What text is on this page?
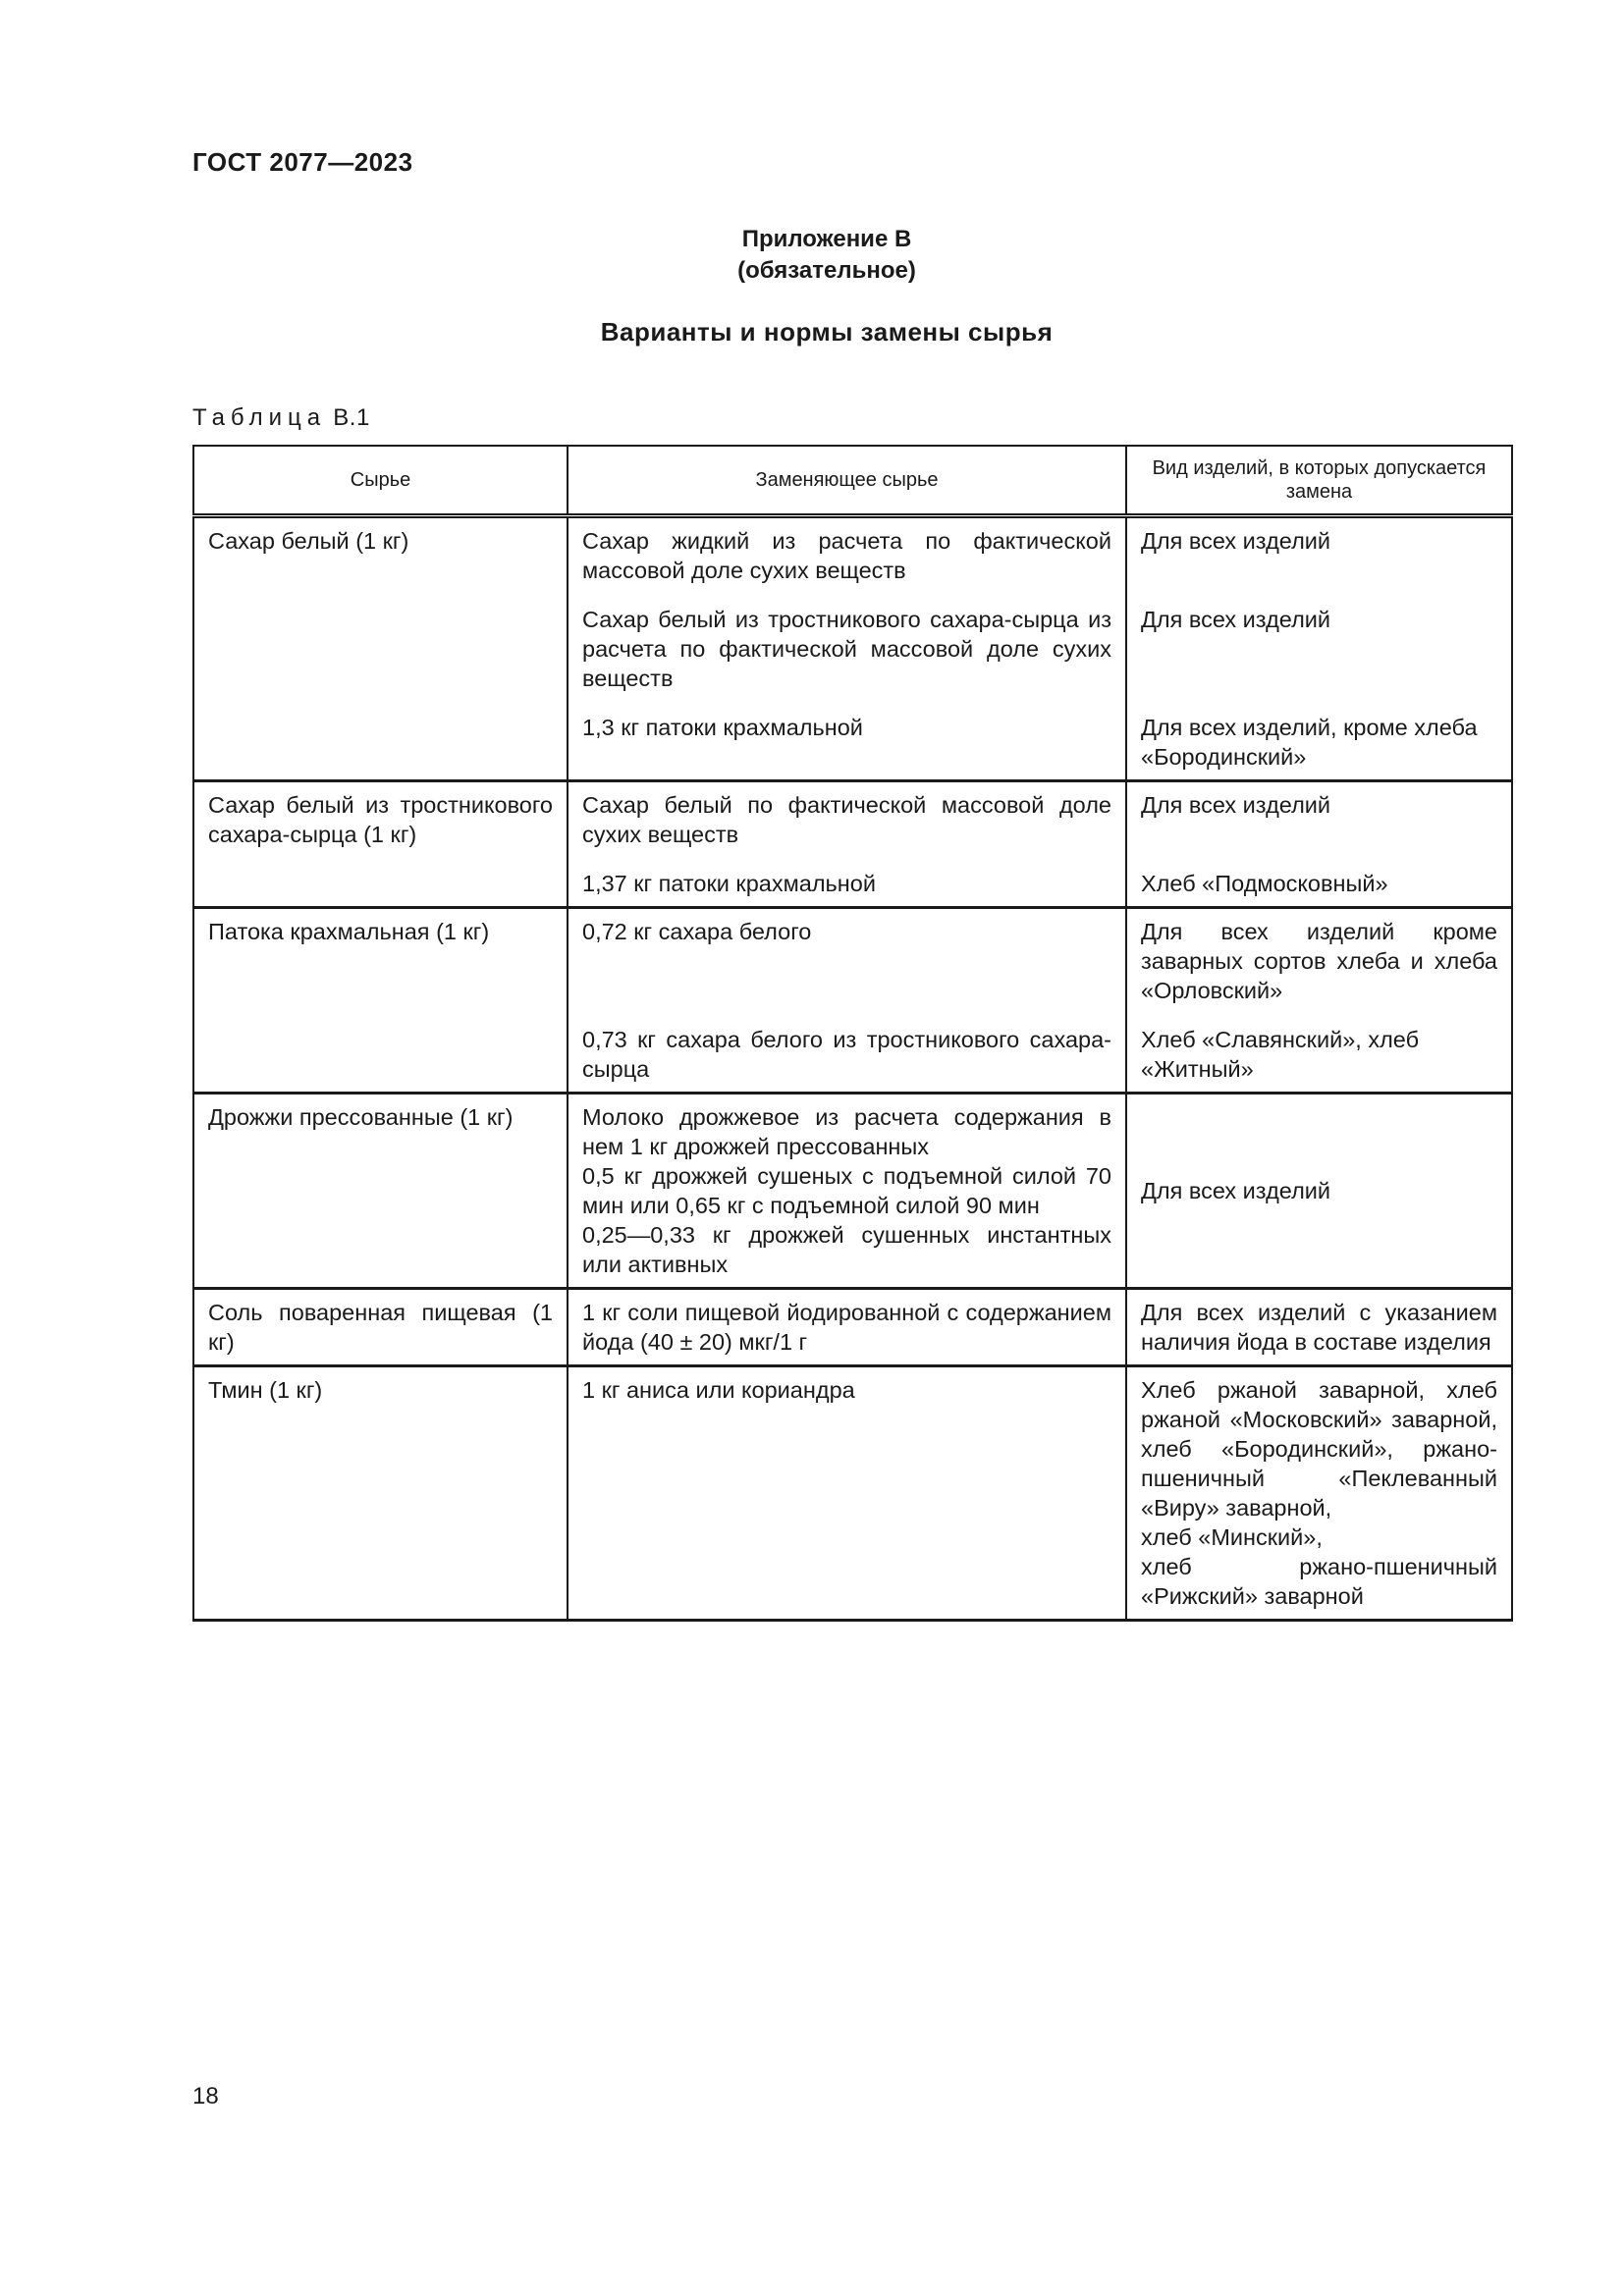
ГОСТ 2077—2023
Приложение В
(обязательное)
Варианты и нормы замены сырья
Таблица В.1
Сырье	Заменяющее сырье	Вид изделий, в которых допускается замена
Сахар белый (1 кг)	Сахар жидкий из расчета по фактической массовой доле сухих веществ	Для всех изделий
	Сахар белый из тростникового сахара-сырца из расчета по фактической массовой доле сухих веществ	Для всех изделий
	1,3 кг патоки крахмальной	Для всех изделий, кроме хлеба «Бородинский»
Сахар белый из тростникового сахара-сырца (1 кг)	Сахар белый по фактической массовой доле сухих веществ	Для всех изделий
	1,37 кг патоки крахмальной	Хлеб «Подмосковный»
Патока крахмальная (1 кг)	0,72 кг сахара белого	Для всех изделий кроме заварных сортов хлеба и хлеба «Орловский»
	0,73 кг сахара белого из тростникового сахара-сырца	Хлеб «Славянский», хлеб «Житный»
Дрожжи прессованные (1 кг)	Молоко дрожжевое из расчета содержания в нем 1 кг дрожжей прессованных
0,5 кг дрожжей сушеных с подъемной силой 70 мин или 0,65 кг с подъемной силой 90 мин
0,25—0,33 кг дрожжей сушенных инстантных или активных	Для всех изделий
Соль поваренная пищевая (1 кг)	1 кг соли пищевой йодированной с содержанием йода (40 ± 20) мкг/1 г	Для всех изделий с указанием наличия йода в составе изделия
Тмин (1 кг)	1 кг аниса или кориандра	Хлеб ржаной заварной, хлеб ржаной «Московский» заварной, хлеб «Бородинский», ржано-пшеничный «Пеклеванный «Виру» заварной,
хлеб «Минский»,
хлеб ржано-пшеничный «Рижский» заварной
18
